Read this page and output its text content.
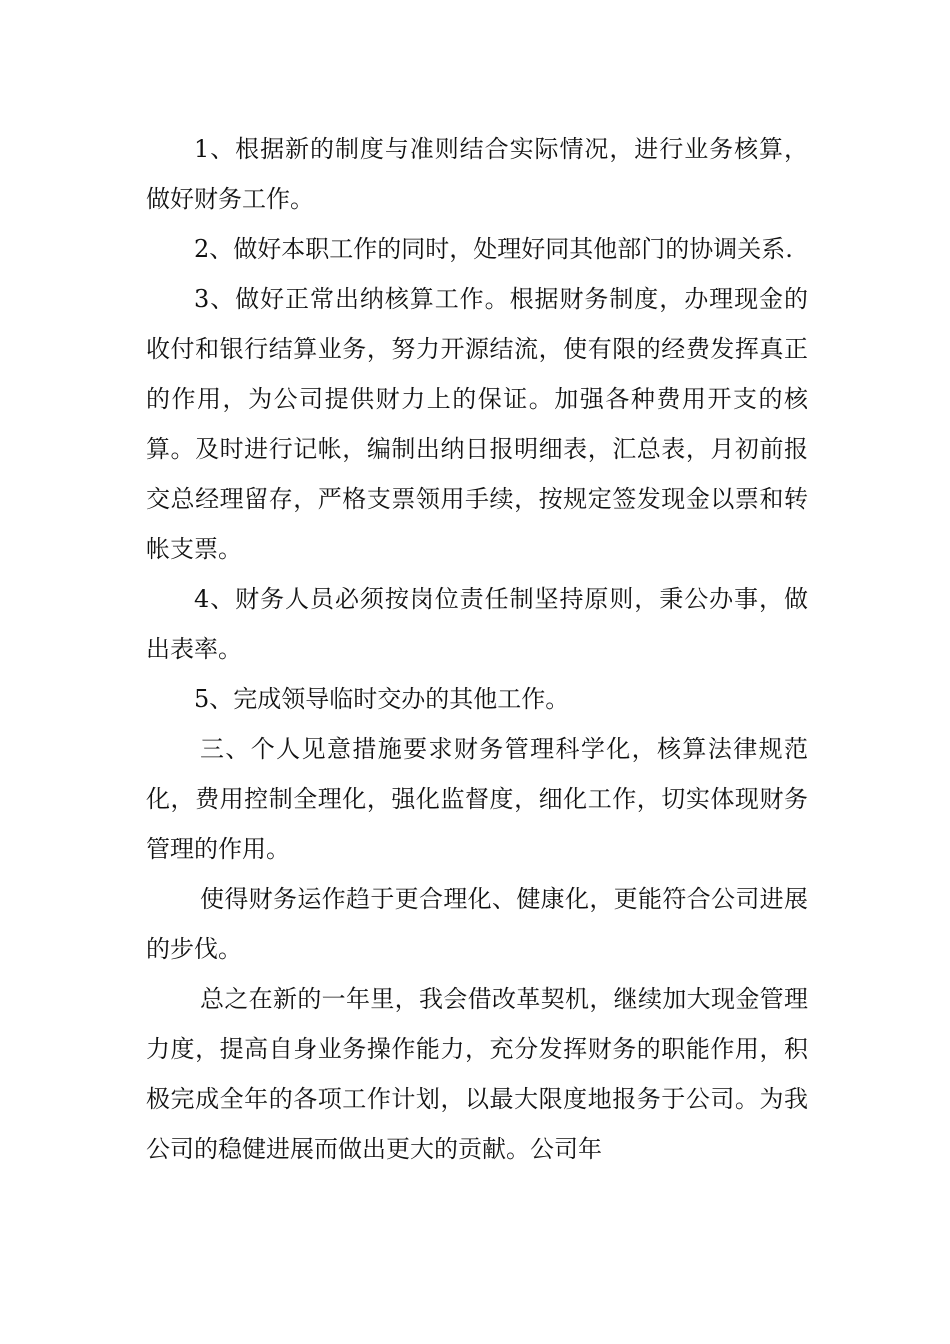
1、根据新的制度与准则结合实际情况，进行业务核算，做好财务工作。

2、做好本职工作的同时，处理好同其他部门的协调关系.

3、做好正常出纳核算工作。根据财务制度，办理现金的收付和银行结算业务，努力开源结流，使有限的经费发挥真正的作用，为公司提供财力上的保证。加强各种费用开支的核算。及时进行记帐，编制出纳日报明细表，汇总表，月初前报交总经理留存，严格支票领用手续，按规定签发现金以票和转帐支票。

4、财务人员必须按岗位责任制坚持原则，秉公办事，做出表率。

5、完成领导临时交办的其他工作。

三、个人见意措施要求财务管理科学化，核算法律规范化，费用控制全理化，强化监督度，细化工作，切实体现财务管理的作用。

使得财务运作趋于更合理化、健康化，更能符合公司进展的步伐。

总之在新的一年里，我会借改革契机，继续加大现金管理力度，提高自身业务操作能力，充分发挥财务的职能作用，积极完成全年的各项工作计划，以最大限度地报务于公司。为我公司的稳健进展而做出更大的贡献。公司年
